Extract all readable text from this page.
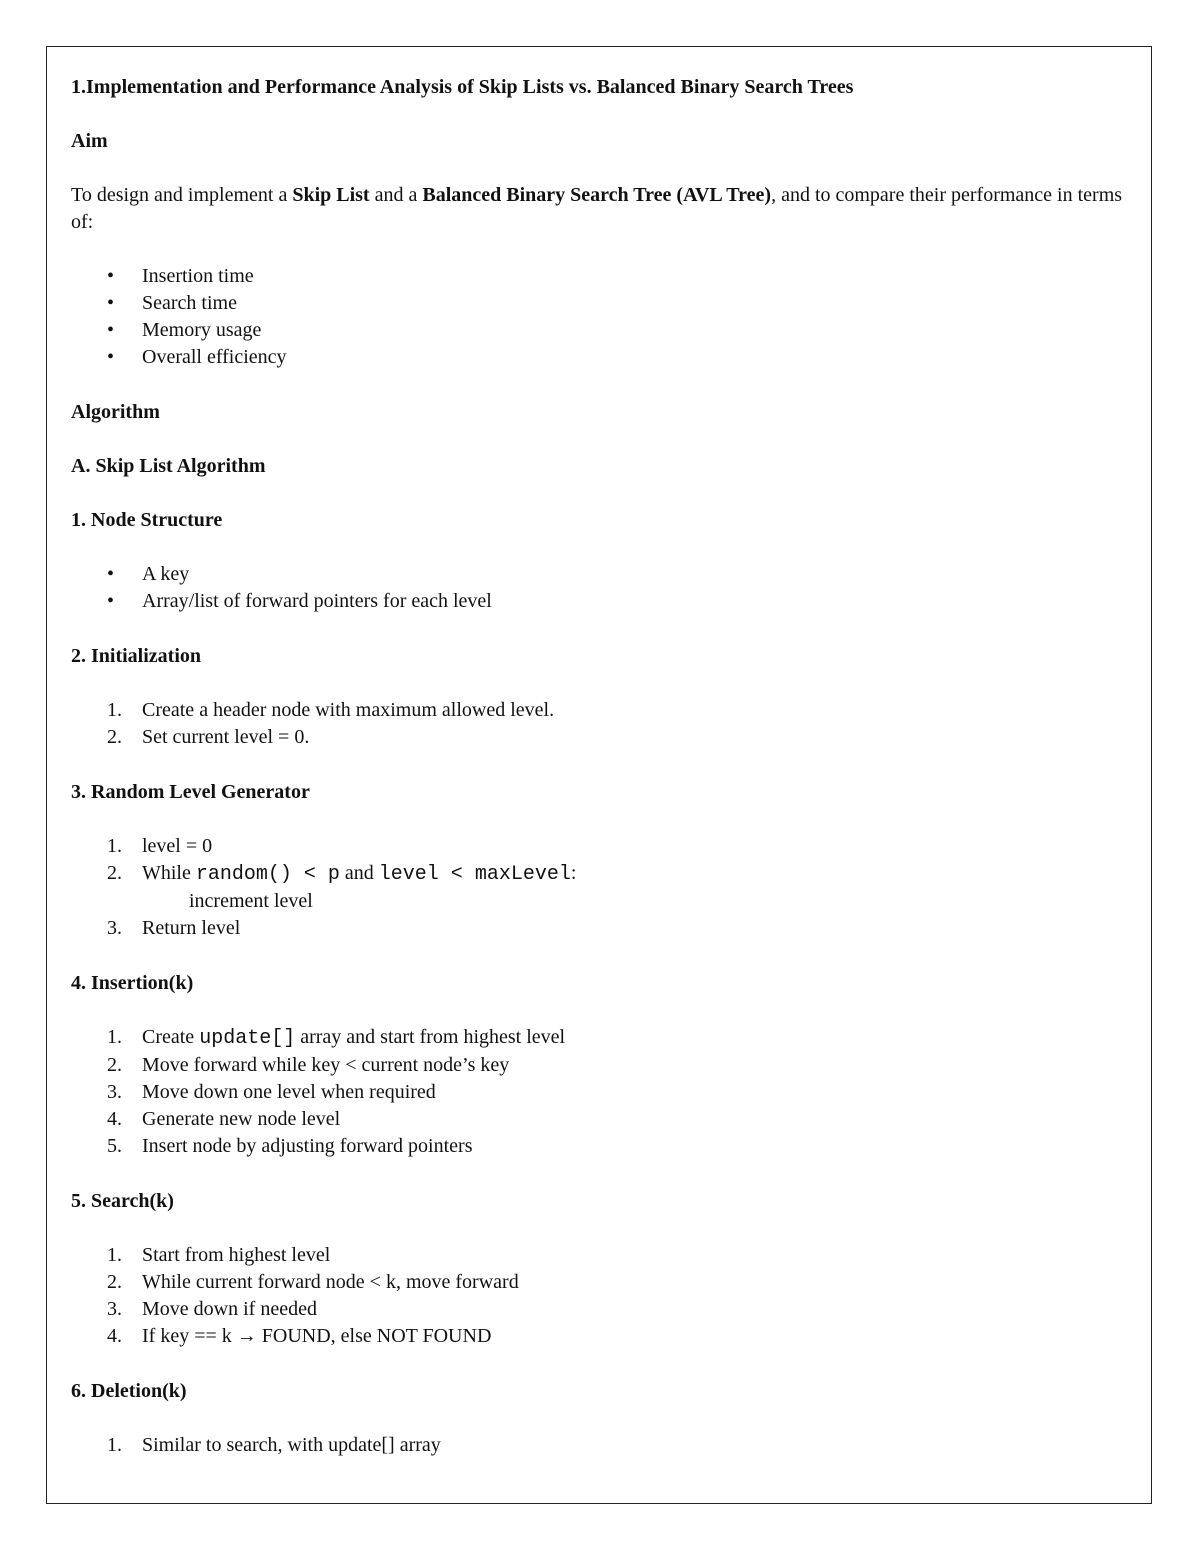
1.Implementation and Performance Analysis of Skip Lists vs. Balanced Binary Search Trees

Aim

To design and implement a Skip List and a Balanced Binary Search Tree (AVL Tree), and to compare their performance in terms of:

• Insertion time
• Search time
• Memory usage
• Overall efficiency

Algorithm

A. Skip List Algorithm

1. Node Structure

• A key
• Array/list of forward pointers for each level

2. Initialization

1. Create a header node with maximum allowed level.
2. Set current level = 0.

3. Random Level Generator

1. level = 0
2. While random() < p and level < maxLevel:
increment level
3. Return level

4. Insertion(k)

1. Create update[] array and start from highest level
2. Move forward while key < current node’s key
3. Move down one level when required
4. Generate new node level
5. Insert node by adjusting forward pointers

5. Search(k)

1. Start from highest level
2. While current forward node < k, move forward
3. Move down if needed
4. If key == k → FOUND, else NOT FOUND

6. Deletion(k)

1. Similar to search, with update[] array
